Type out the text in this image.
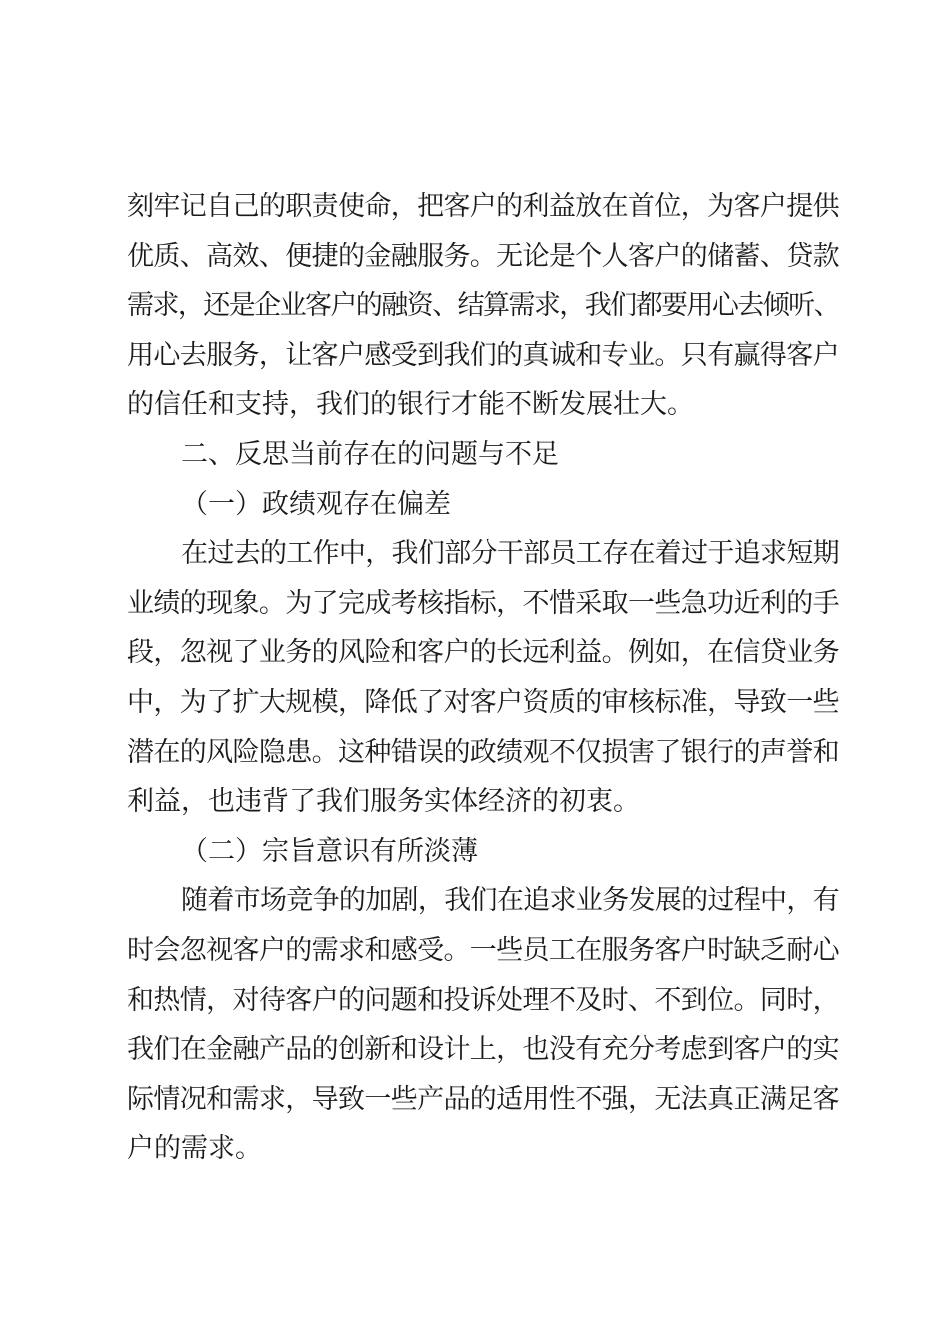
刻牢记自己的职责使命，把客户的利益放在首位，为客户提供

优质、高效、便捷的金融服务。无论是个人客户的储蓄、贷款

需求，还是企业客户的融资、结算需求，我们都要用心去倾听、

用心去服务，让客户感受到我们的真诚和专业。只有赢得客户

的信任和支持，我们的银行才能不断发展壮大。

二、反思当前存在的问题与不足

（一）政绩观存在偏差

在过去的工作中，我们部分干部员工存在着过于追求短期

业绩的现象。为了完成考核指标，不惜采取一些急功近利的手

段，忽视了业务的风险和客户的长远利益。例如，在信贷业务

中，为了扩大规模，降低了对客户资质的审核标准，导致一些

潜在的风险隐患。这种错误的政绩观不仅损害了银行的声誉和

利益，也违背了我们服务实体经济的初衷。

（二）宗旨意识有所淡薄

随着市场竞争的加剧，我们在追求业务发展的过程中，有

时会忽视客户的需求和感受。一些员工在服务客户时缺乏耐心

和热情，对待客户的问题和投诉处理不及时、不到位。同时，

我们在金融产品的创新和设计上，也没有充分考虑到客户的实

际情况和需求，导致一些产品的适用性不强，无法真正满足客

户的需求。
